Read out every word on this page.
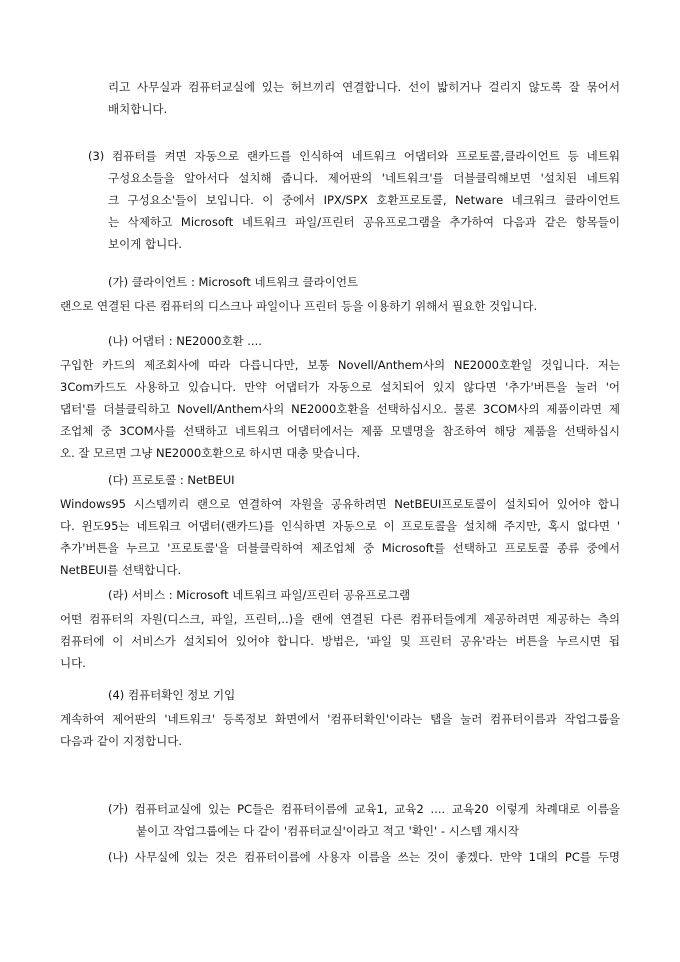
리고 사무실과 컴퓨터교실에 있는 허브끼리 연결합니다. 선이 밟히거나 걸리지 않도록 잘 묶어서
배치합니다.
(3) 컴퓨터를 켜면 자동으로 랜카드를 인식하여 네트워크 어댑터와 프로토콜,클라이언트 등 네트워
구성요소들을 알아서다 설치해 줍니다. 제어판의 '네트워크'를 더블클릭해보면 '설치된 네트워
크 구성요소'들이 보입니다. 이 중에서 IPX/SPX 호환프로토콜, Netware 네크워크 클라이언트
는 삭제하고 Microsoft 네트워크 파일/프린터 공유프로그램을 추가하여 다음과 같은 항목들이
보이게 합니다.
(가) 클라이언트 : Microsoft 네트워크 클라이언트
랜으로 연결된 다른 컴퓨터의 디스크나 파일이나 프린터 등을 이용하기 위해서 필요한 것입니다.
(나) 어댑터 : NE2000호환 ....
구입한 카드의 제조회사에 따라 다릅니다만, 보통 Novell/Anthem사의 NE2000호환일 것입니다. 저는
3Com카드도 사용하고 있습니다. 만약 어댑터가 자동으로 설치되어 있지 않다면 '추가'버튼을 눌러 '어
댑터'를 더블클릭하고 Novell/Anthem사의 NE2000호환을 선택하십시오. 물론 3COM사의 제품이라면 제
조업체 중 3COM사를 선택하고 네트워크 어댑터에서는 제품 모델명을 참조하여 해당 제품을 선택하십시
오. 잘 모르면 그냥 NE2000호환으로 하시면 대충 맞습니다.
(다) 프로토콜 : NetBEUI
Windows95 시스템끼리 랜으로 연결하여 자원을 공유하려면 NetBEUI프로토콜이 설치되어 있어야 합니
다. 윈도95는 네트워크 어댑터(랜카드)를 인식하면 자동으로 이 프로토콜을 설치해 주지만, 혹시 없다면 '
추가'버튼을 누르고 '프로토콜'을 더블클릭하여 제조업체 중 Microsoft를 선택하고 프로토콜 종류 중에서
NetBEUI를 선택합니다.
(라) 서비스 : Microsoft 네트워크 파일/프린터 공유프로그램
어떤 컴퓨터의 자원(디스크, 파일, 프린터,..)을 랜에 연결된 다른 컴퓨터들에게 제공하려면 제공하는 측의
컴퓨터에 이 서비스가 설치되어 있어야 합니다. 방법은, '파일 및 프린터 공유'라는 버튼을 누르시면 됩
니다.
(4) 컴퓨터확인 정보 기입
계속하여 제어판의 '네트워크' 등록정보 화면에서 '컴퓨터확인'이라는 탭을 눌러 컴퓨터이름과 작업그룹을
다음과 같이 지정합니다.
(가) 컴퓨터교실에 있는 PC들은 컴퓨터이름에 교육1, 교육2 .... 교육20 이렇게 차례대로 이름을
붙이고 작업그룹에는 다 같이 '컴퓨터교실'이라고 적고 '확인' - 시스템 재시작
(나) 사무실에 있는 것은 컴퓨터이름에 사용자 이름을 쓰는 것이 좋겠다. 만약 1대의 PC를 두명
